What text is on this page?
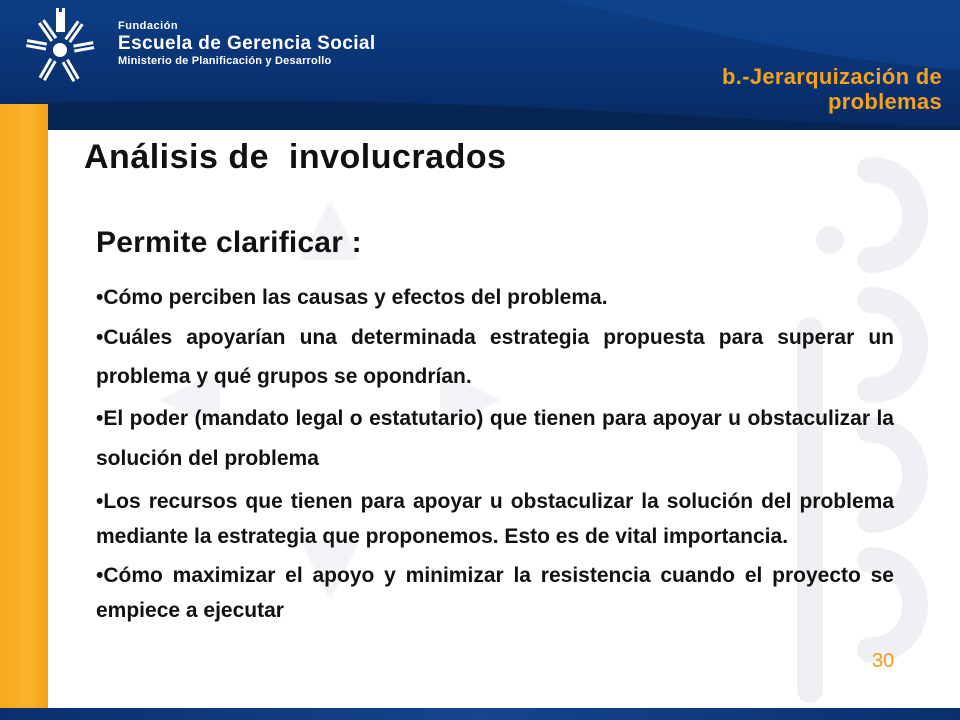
Fundación
Escuela de Gerencia Social
Ministerio de Planificación y Desarrollo
b.-Jerarquización de problemas
Análisis de  involucrados
Permite clarificar :

•Cómo perciben las causas y efectos del problema.

•Cuáles apoyarían una determinada estrategia propuesta para superar un problema y qué grupos se opondrían.

•El poder (mandato legal o estatutario) que tienen para apoyar u obstaculizar la solución del problema

•Los recursos que tienen para apoyar u obstaculizar la solución del problema mediante la estrategia que proponemos. Esto es de vital importancia.

•Cómo maximizar el apoyo y minimizar la resistencia cuando el proyecto se empiece a ejecutar

30
